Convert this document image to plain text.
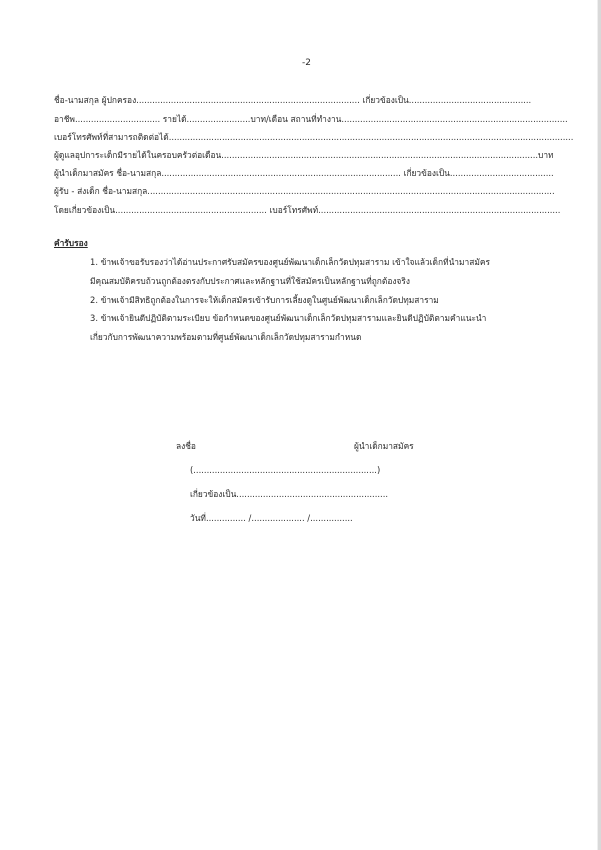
-2
ชื่อ-นามสกุล ผู้ปกครอง.................................................................................... เกี่ยวข้องเป็น..............................................
อาชีพ................................ รายได้........................บาท/เดือน สถานที่ทำงาน.....................................................................................
เบอร์โทรศัพท์ที่สามารถติดต่อได้........................................................................................................................................................
ผู้ดูแลอุปการะเด็กมีรายได้ในครอบครัวต่อเดือน.......................................................................................................................บาท
ผู้นำเด็กมาสมัคร ชื่อ-นามสกุล.......................................................................................... เกี่ยวข้องเป็น.......................................
ผู้รับ - ส่งเด็ก ชื่อ-นามสกุล.........................................................................................................................................................
โดยเกี่ยวข้องเป็น......................................................... เบอร์โทรศัพท์...........................................................................................
คำรับรอง
1. ข้าพเจ้าขอรับรองว่าได้อ่านประกาศรับสมัครของศูนย์พัฒนาเด็กเล็กวัดปทุมสาราม เข้าใจแล้วเด็กที่นำมาสมัคร
มีคุณสมบัติครบถ้วนถูกต้องตรงกับประกาศและหลักฐานที่ใช้สมัครเป็นหลักฐานที่ถูกต้องจริง
2. ข้าพเจ้ามีสิทธิถูกต้องในการจะให้เด็กสมัครเข้ารับการเลี้ยงดูในศูนย์พัฒนาเด็กเล็กวัดปทุมสาราม
3. ข้าพเจ้ายินดีปฏิบัติตามระเบียบ ข้อกำหนดของศูนย์พัฒนาเด็กเล็กวัดปทุมสารามและยินดีปฏิบัติตามคำแนะนำ
เกี่ยวกับการพัฒนาความพร้อมตามที่ศูนย์พัฒนาเด็กเล็กวัดปทุมสารามกำหนด
ลงชื่อ	ผู้นำเด็กมาสมัคร
(.....................................................................)
เกี่ยวข้องเป็น.........................................................
วันที่............... /.................... /................
